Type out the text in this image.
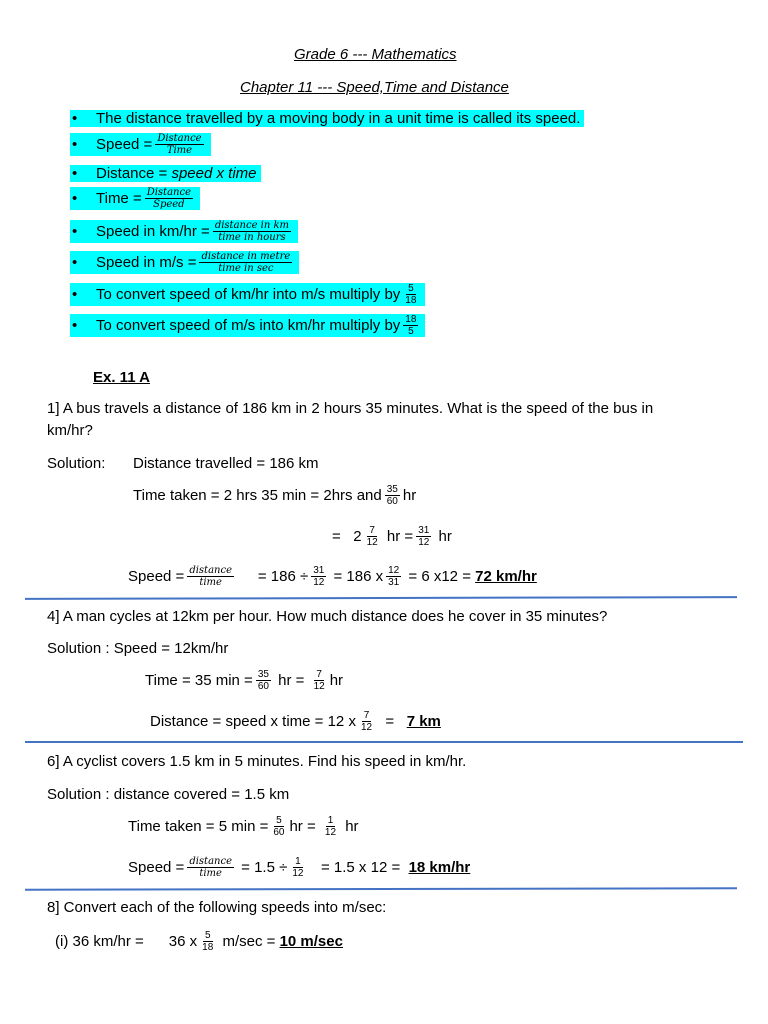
Grade 6 --- Mathematics
Chapter 11 --- Speed,Time and Distance
•	The distance travelled by a moving body in a unit time is called its speed.
•	Speed = $\frac{\text{Distance}}{\text{Time}}$
•	Distance =
speed x time
•	Time = $\frac{\text{Distance}}{\text{Speed}}$
•	Speed in $km/hr = \frac{\text{distance in km}}{\text{time in hours}}$
•	Speed in $m/s = \frac{\text{distance in metre}}{\text{time in sec}}$
•	To convert speed of km/hr into m/s multiply by $\frac{5}{18}$
•	To convert speed of m/s into km/hr multiply by $\frac{18}{5}$
Ex. 11 A
1] A bus travels a distance of 186 km in 2 hours 35 minutes. What is the speed of the bus in
km/hr?
Solution: Distance travelled = 186 km
Time taken = 2 hrs 35 min = 2hrs and $\frac{35}{60}$ hr
=
$2 \frac{7}{12}$
hr = $\frac{31}{12}$
hr
Speed = $\frac{\text{distance}}{\text{time}}$
= $186 \div \frac{31}{12}$
= 186 x $\frac{12}{31}$
= 6 x12 =
72 km/hr
4] A man cycles at 12km per hour. How much distance does he cover in 35 minutes?
Solution : Speed = 12km/hr
Time = 35 $\min = \frac{35}{60}$
hr =
$\frac{7}{12}$ hr
Distance = speed x time = 12 x $\frac{7}{12}$
=
7 km
6] A cyclist covers 1.5 km in 5 minutes. Find his speed in km/hr.
Solution : distance covered = 1.5 km
Time taken = 5 $\min = \frac{5}{60}$ hr =
$\frac{1}{12}$
hr
Speed = $\frac{\text{distance}}{\text{time}}$
= $1.5 \div \frac{1}{12}$
= 1.5 x 12 =
18 km/hr
8] Convert each of the following speeds into m/sec:
(i) 36 km/hr =
36 x $\frac{5}{18}$
m/sec =
10 m/sec
